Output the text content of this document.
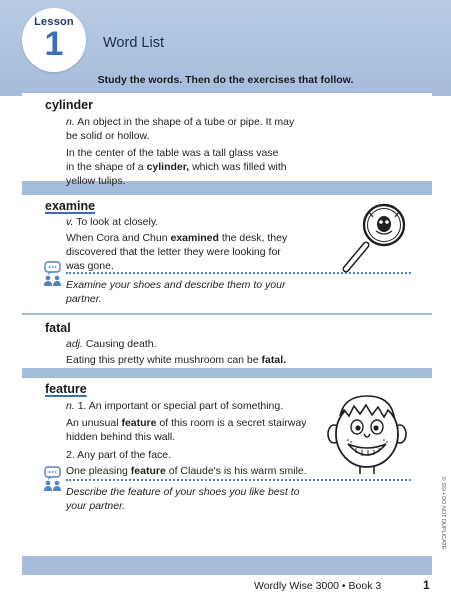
Lesson
1	Word List
Study the words. Then do the exercises that follow.
cylinder
n. An object in the shape of a tube or pipe. It may
be solid or hollow.
In the center of the table was a tall glass vase
in the shape of a cylinder, which was filled with
yellow tulips.
examine
v. To look at closely.
When Cora and Chun examined the desk, they
discovered that the letter they were looking for
was gone.
Examine your shoes and describe them to your
partner.
fatal
adj. Causing death.
Eating this pretty white mushroom can be fatal.
feature
n. 1. An important or special part of something.
An unusual feature of this room is a secret stairway
hidden behind this wall.
2. Any part of the face.
One pleasing feature of Claude's is his warm smile.
Describe the feature of your shoes you like best to
your partner.	© SSI • DO NOT DUPLICATE
Wordly Wise 3000 • Book 3	1
